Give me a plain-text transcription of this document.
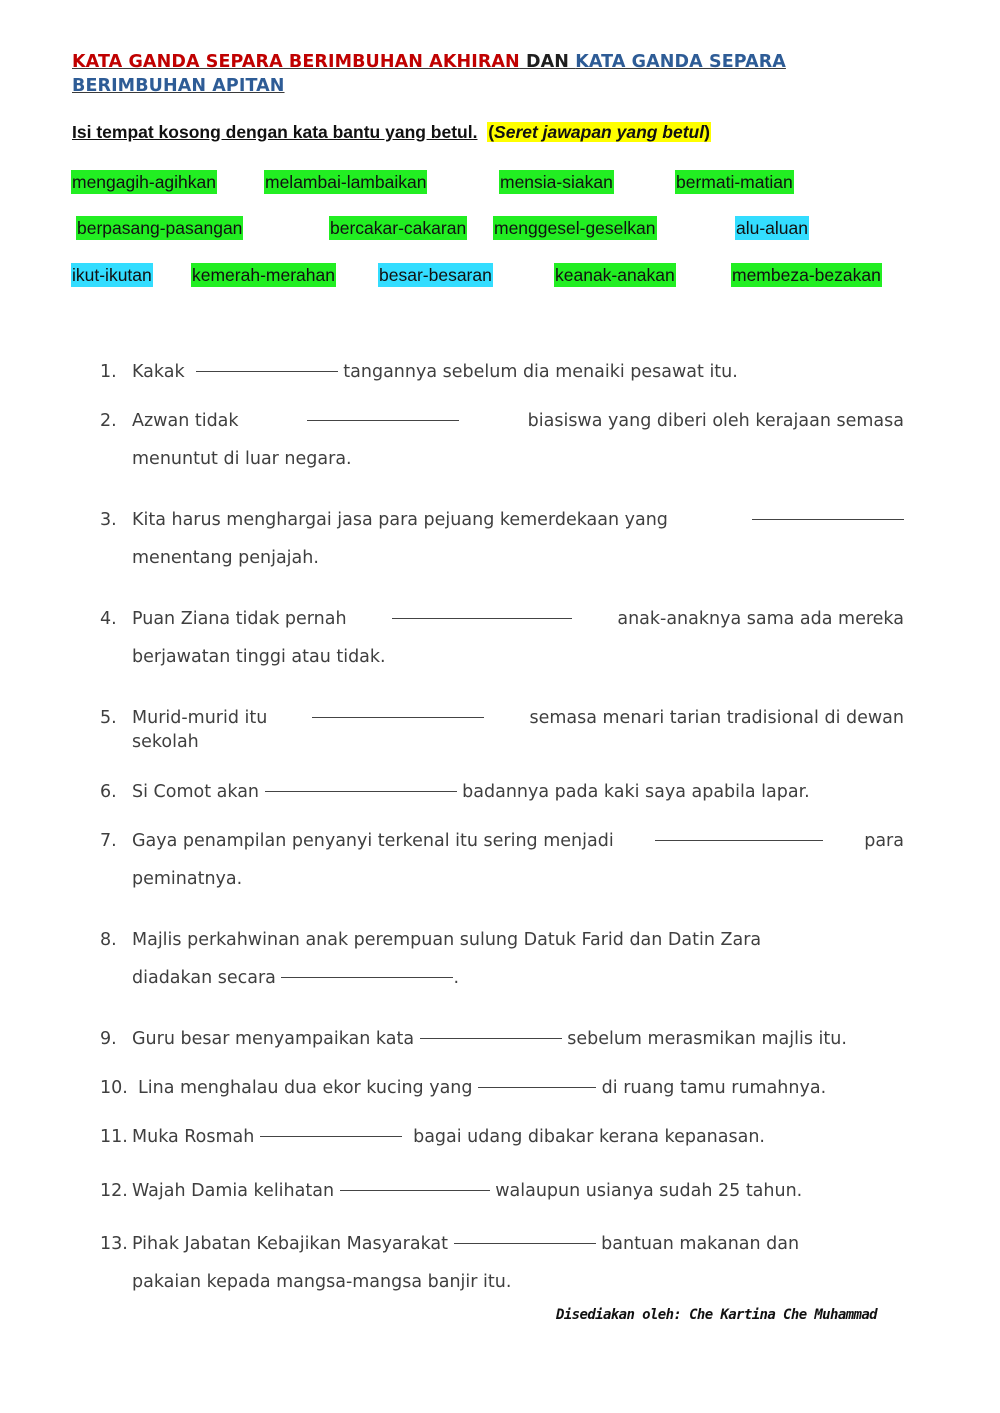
KATA GANDA SEPARA BERIMBUHAN AKHIRAN DAN KATA GANDA SEPARA
BERIMBUHAN APITAN
Isi tempat kosong dengan kata bantu yang betul. (Seret jawapan yang betul)
mengagih-agihkan	melambai-lambaikan	mensia-siakan	bermati-matian
berpasang-pasangan	bercakar-cakaran menggesel-geselkan	alu-aluan
ikut-ikutan kemerah-merahan	besar-besaran	keanak-anakan	membeza-bezakan
1. Kakak

	tangannya sebelum dia menaiki pesawat itu.
2. Azwan tidak	biasiswa yang diberi oleh kerajaan semasa
menuntut di luar negara.
3. Kita harus menghargai jasa para pejuang kemerdekaan yang
menentang penjajah.
4. Puan Ziana tidak pernah	anak-anaknya sama ada mereka
berjawatan tinggi atau tidak.
5. Murid-murid itu	semasa menari tarian tradisional di dewan
sekolah
6. Si Comot akan

	badannya pada kaki saya apabila lapar.
7. Gaya penampilan penyanyi terkenal itu sering menjadi	para
peminatnya.
8. Majlis perkahwinan anak perempuan sulung Datuk Farid dan Datin Zara
diadakan secara
	.
9. Guru besar menyampaikan kata

	sebelum merasmikan majlis itu.
10. Lina menghalau dua ekor kucing yang

	di ruang tamu rumahnya.
11. Muka Rosmah

	bagai udang dibakar kerana kepanasan.
12. Wajah Damia kelihatan

	walaupun usianya sudah 25 tahun.
13. Pihak Jabatan Kebajikan Masyarakat

	bantuan makanan dan
pakaian kepada mangsa-mangsa banjir itu.
Disediakan oleh: Che Kartina Che Muhammad
